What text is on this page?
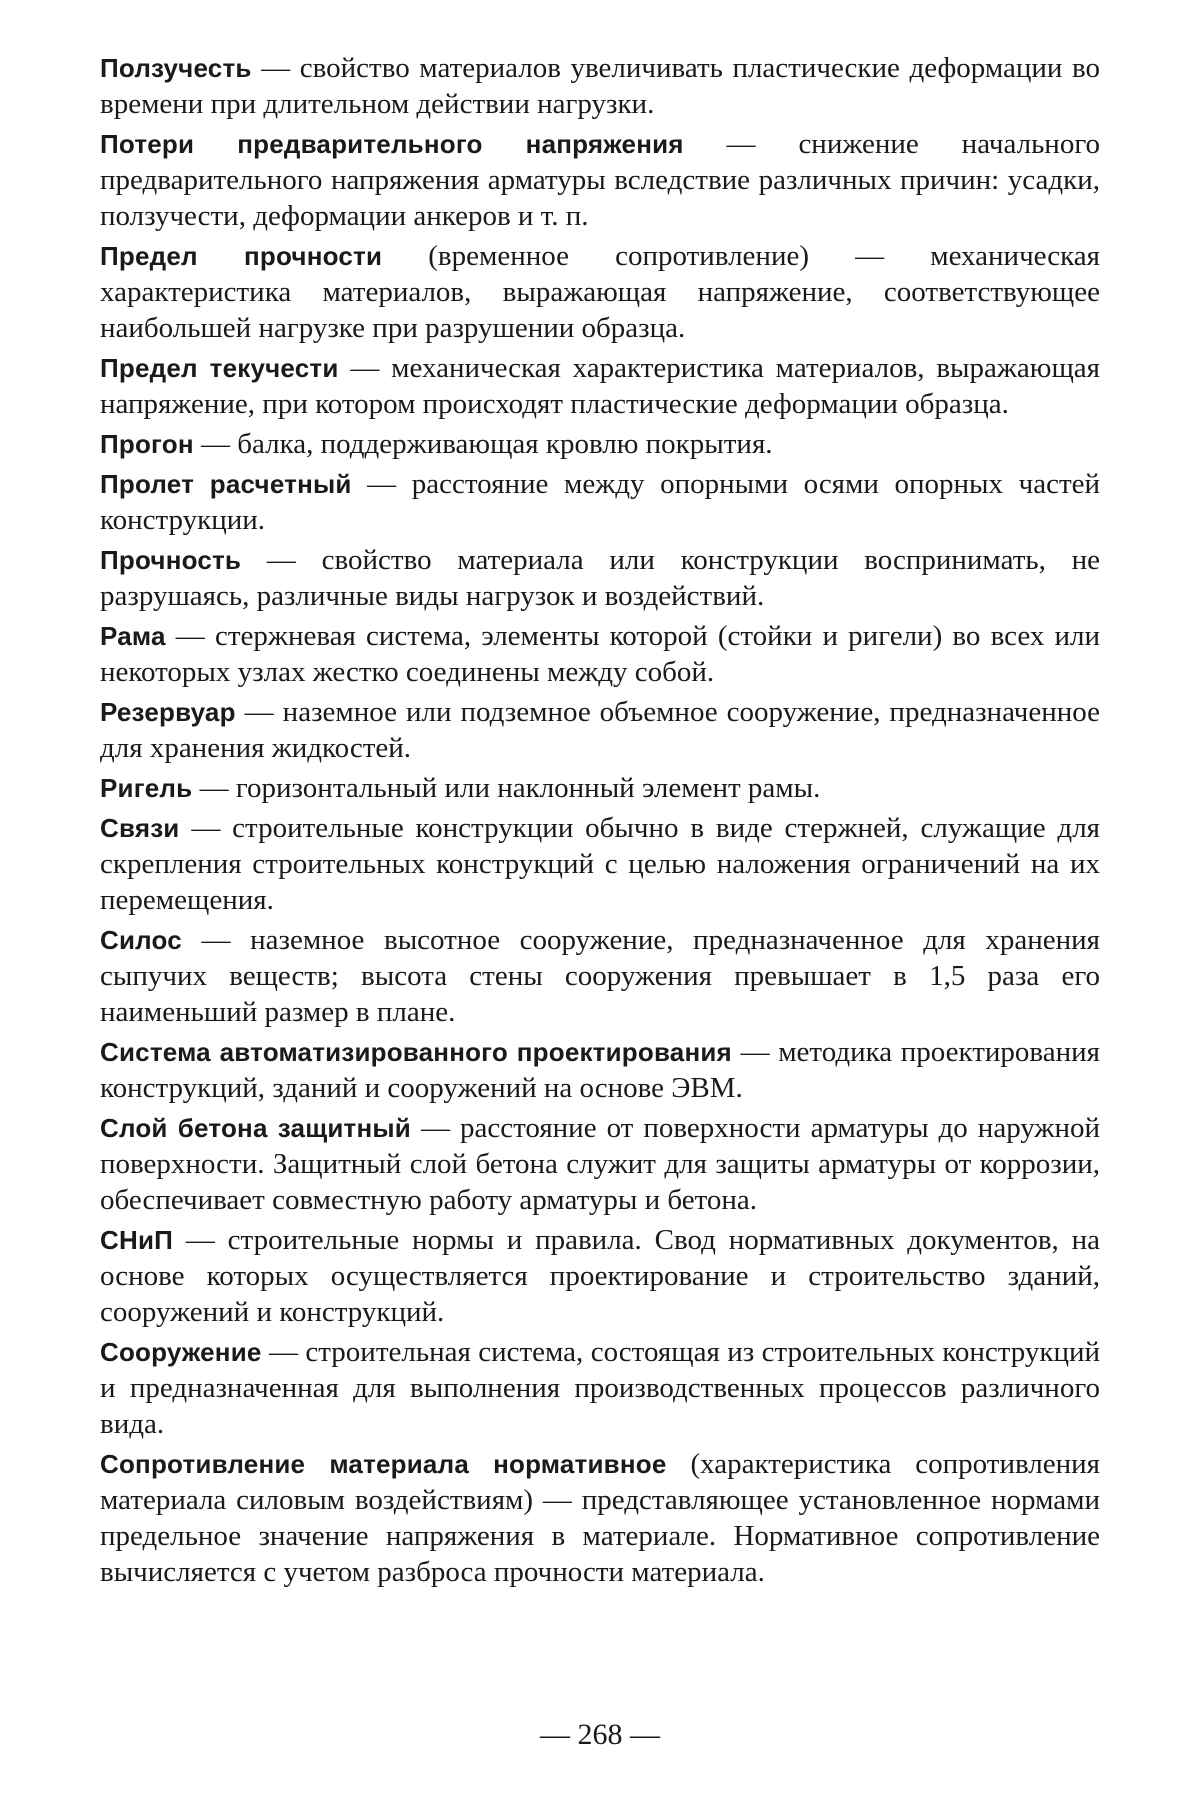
Ползучесть — свойство материалов увеличивать пластические деформации во времени при длительном действии нагрузки.

Потери предварительного напряжения — снижение начального предварительного напряжения арматуры вследствие различных причин: усадки, ползучести, деформации анкеров и т. п.

Предел прочности (временное сопротивление) — механическая характеристика материалов, выражающая напряжение, соответствующее наибольшей нагрузке при разрушении образца.

Предел текучести — механическая характеристика материалов, выражающая напряжение, при котором происходят пластические деформации образца.

Прогон — балка, поддерживающая кровлю покрытия.

Пролет расчетный — расстояние между опорными осями опорных частей конструкции.

Прочность — свойство материала или конструкции воспринимать, не разрушаясь, различные виды нагрузок и воздействий.

Рама — стержневая система, элементы которой (стойки и ригели) во всех или некоторых узлах жестко соединены между собой.

Резервуар — наземное или подземное объемное сооружение, предназначенное для хранения жидкостей.

Ригель — горизонтальный или наклонный элемент рамы.

Связи — строительные конструкции обычно в виде стержней, служащие для скрепления строительных конструкций с целью наложения ограничений на их перемещения.

Силос — наземное высотное сооружение, предназначенное для хранения сыпучих веществ; высота стены сооружения превышает в 1,5 раза его наименьший размер в плане.

Система автоматизированного проектирования — методика проектирования конструкций, зданий и сооружений на основе ЭВМ.

Слой бетона защитный — расстояние от поверхности арматуры до наружной поверхности. Защитный слой бетона служит для защиты арматуры от коррозии, обеспечивает совместную работу арматуры и бетона.

СНиП — строительные нормы и правила. Свод нормативных документов, на основе которых осуществляется проектирование и строительство зданий, сооружений и конструкций.

Сооружение — строительная система, состоящая из строительных конструкций и предназначенная для выполнения производственных процессов различного вида.

Сопротивление материала нормативное (характеристика сопротивления материала силовым воздействиям) — представляющее установленное нормами предельное значение напряжения в материале. Нормативное сопротивление вычисляется с учетом разброса прочности материала.

— 268 —
